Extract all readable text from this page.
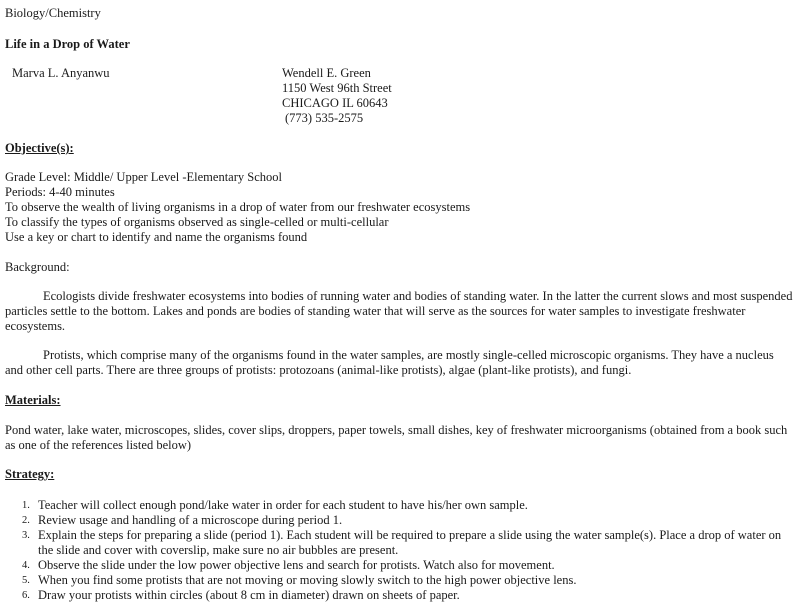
Biology/Chemistry
Life in a Drop of Water
Marva L. Anyanwu	Wendell E. Green
1150 West 96th Street
CHICAGO IL 60643
(773) 535-2575
Objective(s):
Grade Level: Middle/ Upper Level -Elementary School
Periods: 4-40 minutes
To observe the wealth of living organisms in a drop of water from our freshwater ecosystems
To classify the types of organisms observed as single-celled or multi-cellular
Use a key or chart to identify and name the organisms found
Background:
Ecologists divide freshwater ecosystems into bodies of running water and bodies of standing water. In the latter the current slows and most suspended particles settle to the bottom. Lakes and ponds are bodies of standing water that will serve as the sources for water samples to investigate freshwater ecosystems.
Protists, which comprise many of the organisms found in the water samples, are mostly single-celled microscopic organisms. They have a nucleus and other cell parts. There are three groups of protists: protozoans (animal-like protists), algae (plant-like protists), and fungi.
Materials:
Pond water, lake water, microscopes, slides, cover slips, droppers, paper towels, small dishes, key of freshwater microorganisms (obtained from a book such as one of the references listed below)
Strategy:
1. Teacher will collect enough pond/lake water in order for each student to have his/her own sample.
2. Review usage and handling of a microscope during period 1.
3. Explain the steps for preparing a slide (period 1). Each student will be required to prepare a slide using the water sample(s). Place a drop of water on the slide and cover with coverslip, make sure no air bubbles are present.
4. Observe the slide under the low power objective lens and search for protists. Watch also for movement.
5. When you find some protists that are not moving or moving slowly switch to the high power objective lens.
6. Draw your protists within circles (about 8 cm in diameter) drawn on sheets of paper.
